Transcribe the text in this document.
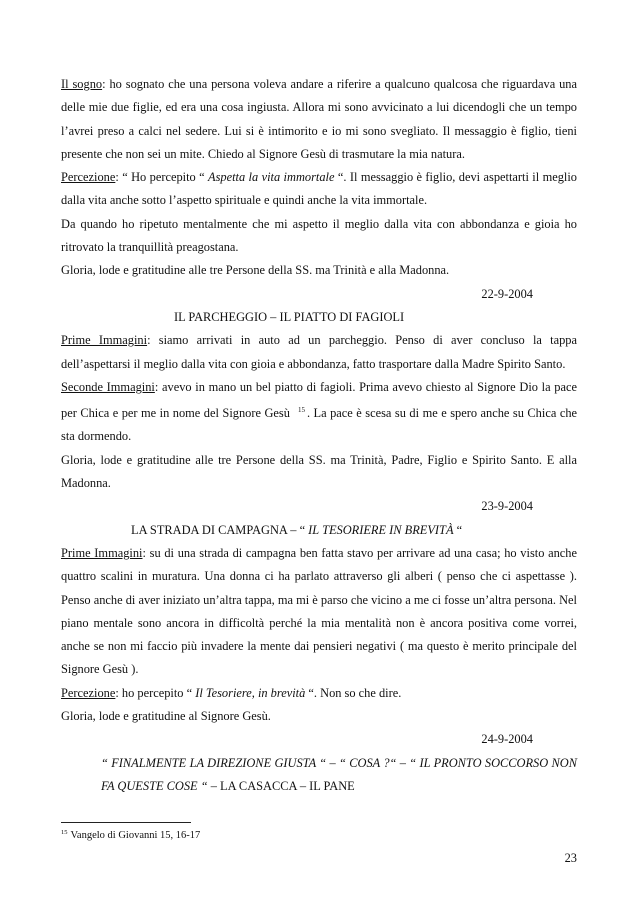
Il sogno: ho sognato che una persona voleva andare a riferire a qualcuno qualcosa che riguardava una delle mie due figlie, ed era una cosa ingiusta. Allora mi sono avvicinato a lui dicendogli che un tempo l’avrei preso a calci nel sedere. Lui si è intimorito e io mi sono svegliato. Il messaggio è figlio, tieni presente che non sei un mite. Chiedo al Signore Gesù di trasmutare la mia natura.

Percezione: “ Ho percepito “ Aspetta la vita immortale “. Il messaggio è figlio, devi aspettarti il meglio dalla vita anche sotto l’aspetto spirituale e quindi anche la vita immortale.

Da quando ho ripetuto mentalmente che mi aspetto il meglio dalla vita con abbondanza e gioia ho ritrovato la tranquillità preagostana.

Gloria, lode e gratitudine alle tre Persone della SS. ma Trinità e alla Madonna.

22-9-2004

IL PARCHEGGIO – IL PIATTO DI FAGIOLI

Prime Immagini: siamo arrivati in auto ad un parcheggio. Penso di aver concluso la tappa dell’aspettarsi il meglio dalla vita con gioia e abbondanza, fatto trasportare dalla Madre Spirito Santo.

Seconde Immagini: avevo in mano un bel piatto di fagioli. Prima avevo chiesto al Signore Dio la pace per Chica e per me in nome del Signore Gesù $^{15}$ . La pace è scesa su di me e spero anche su Chica che sta dormendo.

Gloria, lode e gratitudine alle tre Persone della SS. ma Trinità, Padre, Figlio e Spirito Santo. E alla Madonna.

23-9-2004

LA STRADA DI CAMPAGNA – “ IL TESORIERE IN BREVITÀ “

Prime Immagini: su di una strada di campagna ben fatta stavo per arrivare ad una casa; ho visto anche quattro scalini in muratura. Una donna ci ha parlato attraverso gli alberi ( penso che ci aspettasse ). Penso anche di aver iniziato un’altra tappa, ma mi è parso che vicino a me ci fosse un’altra persona. Nel piano mentale sono ancora in difficoltà perché la mia mentalità non è ancora positiva come vorrei, anche se non mi faccio più invadere la mente dai pensieri negativi ( ma questo è merito principale del Signore Gesù ).

Percezione: ho percepito “ Il Tesoriere, in brevità “. Non so che dire.

Gloria, lode e gratitudine al Signore Gesù.

24-9-2004

“ FINALMENTE LA DIREZIONE GIUSTA “ – “ COSA ?“ – “ IL PRONTO SOCCORSO NON FA QUESTE COSE “ – LA CASACCA – IL PANE

$^{15}$ Vangelo di Giovanni 15, 16-17
23
